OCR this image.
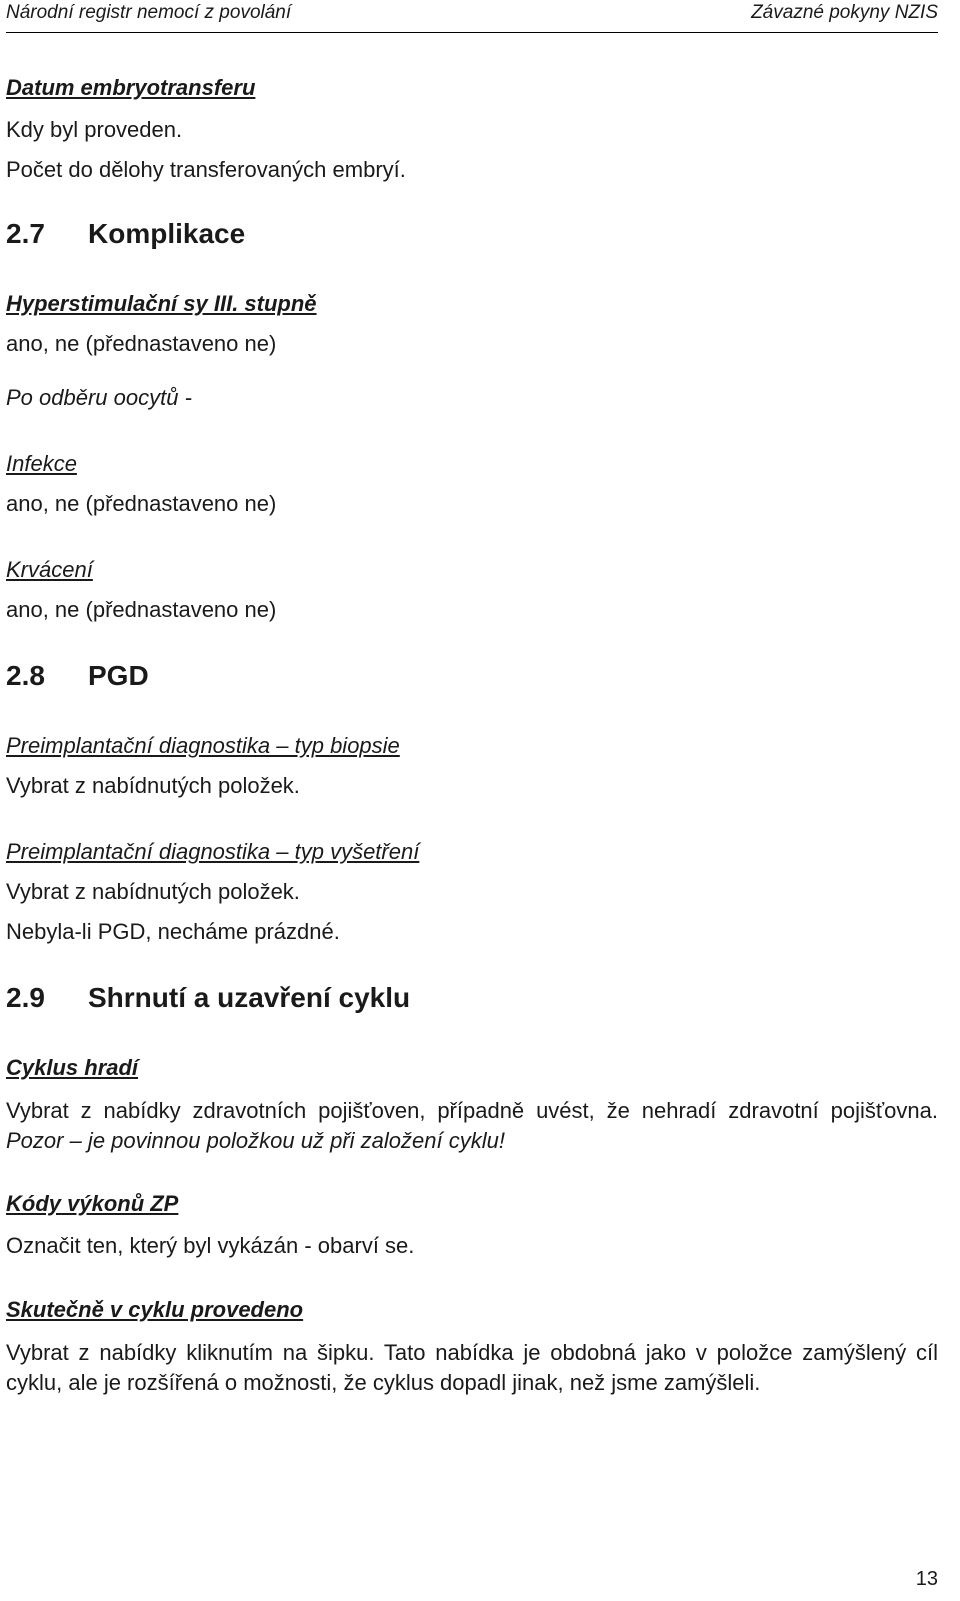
Národní registr nemocí z povolání	Závazné pokyny NZIS
Datum embryotransferu
Kdy byl proveden.
Počet do dělohy transferovaných embryí.
2.7 Komplikace
Hyperstimulační sy III. stupně
ano, ne (přednastaveno ne)
Po odběru oocytů -
Infekce
ano, ne (přednastaveno ne)
Krvácení
ano, ne (přednastaveno ne)
2.8 PGD
Preimplantační diagnostika – typ biopsie
Vybrat z nabídnutých položek.
Preimplantační diagnostika – typ vyšetření
Vybrat z nabídnutých položek.
Nebyla-li PGD, necháme prázdné.
2.9 Shrnutí a uzavření cyklu
Cyklus hradí
Vybrat z nabídky zdravotních pojišťoven, případně uvést, že nehradí zdravotní pojišťovna. Pozor – je povinnou položkou už při založení cyklu!
Kódy výkonů ZP
Označit ten, který byl vykázán - obarví se.
Skutečně v cyklu provedeno
Vybrat z nabídky kliknutím na šipku. Tato nabídka je obdobná jako v položce zamýšlený cíl cyklu, ale je rozšířená o možnosti, že cyklus dopadl jinak, než jsme zamýšleli.
13
